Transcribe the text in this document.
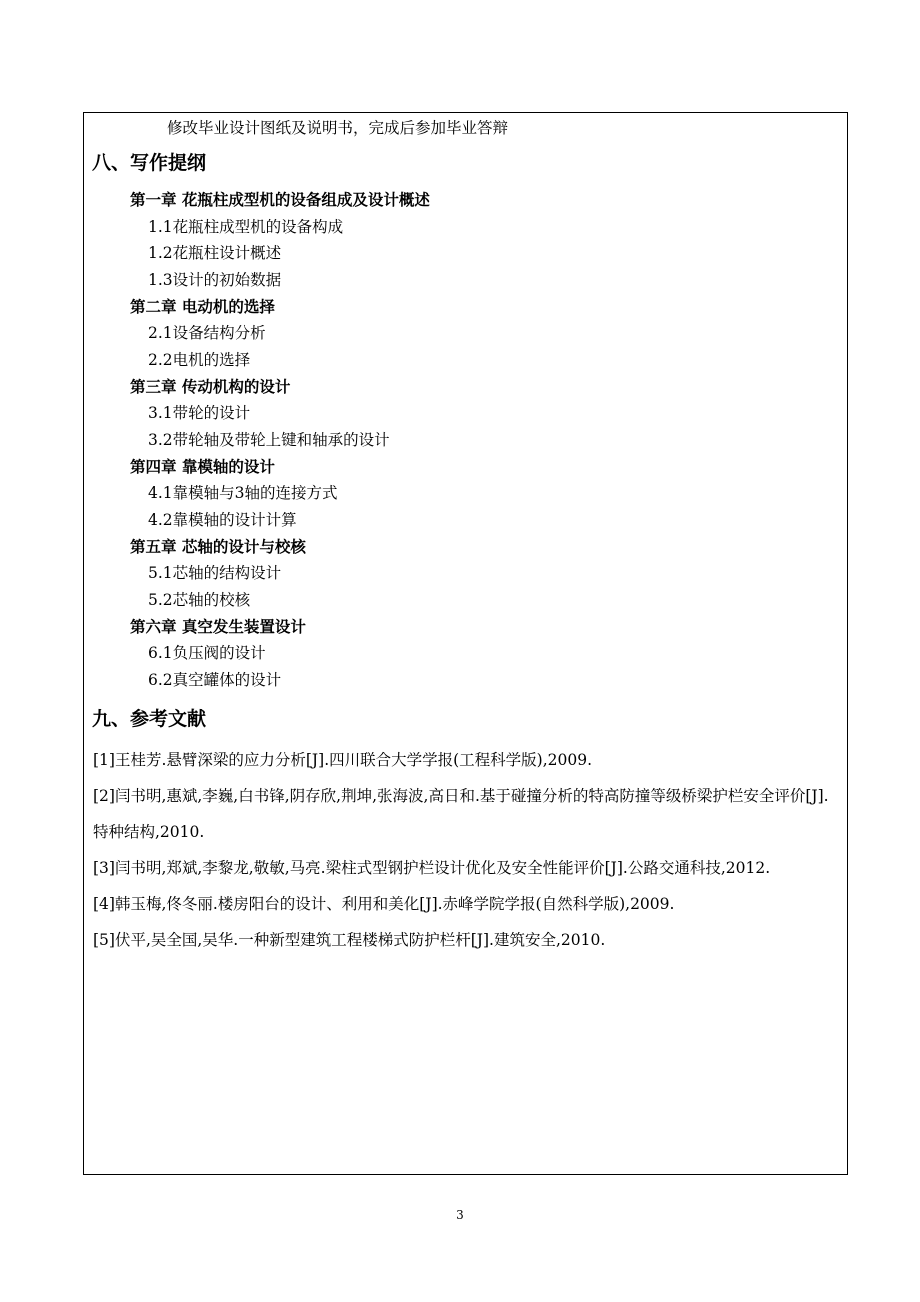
修改毕业设计图纸及说明书，完成后参加毕业答辩
八、写作提纲
第一章 花瓶柱成型机的设备组成及设计概述
1.1花瓶柱成型机的设备构成
1.2花瓶柱设计概述
1.3设计的初始数据
第二章 电动机的选择
2.1设备结构分析
2.2电机的选择
第三章 传动机构的设计
3.1带轮的设计
3.2带轮轴及带轮上键和轴承的设计
第四章 靠模轴的设计
4.1靠模轴与3轴的连接方式
4.2靠模轴的设计计算
第五章 芯轴的设计与校核
5.1芯轴的结构设计
5.2芯轴的校核
第六章 真空发生装置设计
6.1负压阀的设计
6.2真空罐体的设计
九、参考文献

[1]王桂芳.悬臂深梁的应力分析[J].四川联合大学学报(工程科学版),2009.

[2]闫书明,惠斌,李巍,白书锋,阴存欣,荆坤,张海波,高日和.基于碰撞分析的特高防撞等级桥梁护栏安全评价[J].特种结构,2010.

[3]闫书明,郑斌,李黎龙,敬敏,马亮.梁柱式型钢护栏设计优化及安全性能评价[J].公路交通科技,2012.

[4]韩玉梅,佟冬丽.楼房阳台的设计、利用和美化[J].赤峰学院学报(自然科学版),2009.

[5]伏平,吴全国,吴华.一种新型建筑工程楼梯式防护栏杆[J].建筑安全,2010.

3
